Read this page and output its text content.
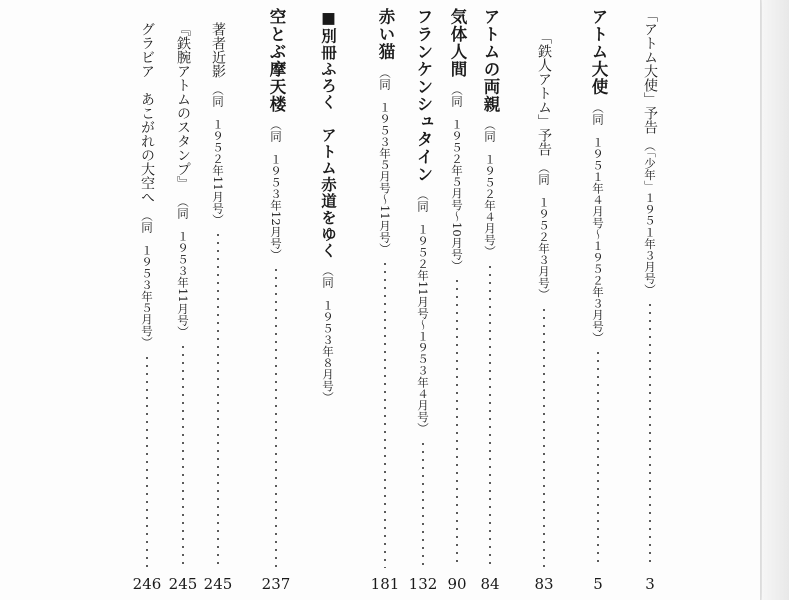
「アトム大使」予告
（「少年」１９５１年３月号）
3
アトム大使
（同　１９５１年４月号〜１９５２年３月号）
5
「鉄人アトム」予告
（同　１９５２年３月号）
83
アトムの両親
（同　１９５２年４月号）
84
気体人間
（同　１９５２年５月号〜10月号）
90
フランケンシュタイン
（同　１９５２年11月号〜１９５３年４月号）
132
赤い猫
（同　１９５３年５月号〜11月号）
181
■別冊ふろく　アトム赤道をゆく
（同　１９５３年８月号）
空とぶ摩天楼
（同　１９５３年12月号）
237
著者近影
（同　１９５２年11月号）
245
『鉄腕アトムのスタンプ』
（同　１９５３年11月号）
245
グラビア　あこがれの大空へ
（同　１９５３年５月号）
246
